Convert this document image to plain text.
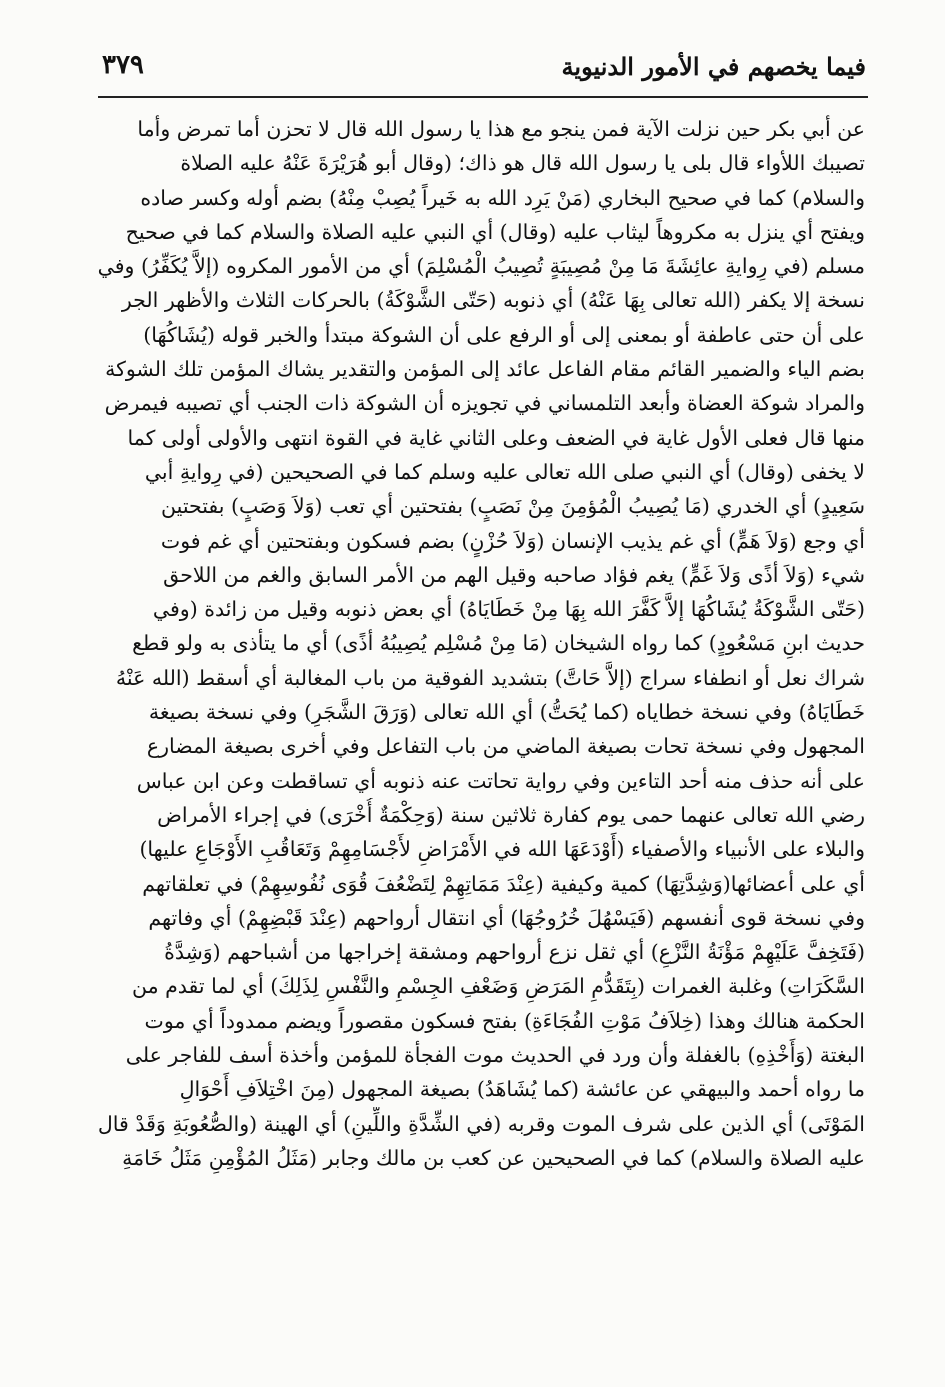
فيما يخصهم في الأمور الدنيوية
٣٧٩
عن أبي بكر حين نزلت الآية فمن ينجو مع هذا يا رسول الله قال لا تحزن أما تمرض وأما
تصيبك اللأواء قال بلى يا رسول الله قال هو ذاك؛ (وقال أبو هُرَيْرَةَ عَنْهُ عليه الصلاة
والسلام) كما في صحيح البخاري (مَنْ يَرِد الله به خَيراً يُصِبْ مِنْهُ) بضم أوله وكسر صاده
ويفتح أي ينزل به مكروهاً ليثاب عليه (وقال) أي النبي عليه الصلاة والسلام كما في صحيح
مسلم (في رِوايةِ عائِشَةَ مَا مِنْ مُصِيبَةٍ تُصِيبُ الْمُسْلِمَ) أي من الأمور المكروه (إلاَّ يُكَفِّرُ) وفي
نسخة إلا يكفر (الله تعالى بِهَا عَنْهُ) أي ذنوبه (حَتّى الشَّوْكَةُ) بالحركات الثلاث والأظهر الجر
على أن حتى عاطفة أو بمعنى إلى أو الرفع على أن الشوكة مبتدأ والخبر قوله (يُشَاكُهَا)
بضم الياء والضمير القائم مقام الفاعل عائد إلى المؤمن والتقدير يشاك المؤمن تلك الشوكة
والمراد شوكة العضاة وأبعد التلمساني في تجويزه أن الشوكة ذات الجنب أي تصيبه فيمرض
منها قال فعلى الأول غاية في الضعف وعلى الثاني غاية في القوة انتهى والأولى أولى كما
لا يخفى (وقال) أي النبي صلى الله تعالى عليه وسلم كما في الصحيحين (في رِوايةِ أبي
سَعِيدٍ) أي الخدري (مَا يُصِيبُ الْمُؤمِنَ مِنْ نَصَبٍ) بفتحتين أي تعب (وَلاَ وَصَبٍ) بفتحتين
أي وجع (وَلاَ هَمٍّ) أي غم يذيب الإنسان (وَلاَ حُزْنٍ) بضم فسكون وبفتحتين أي غم فوت
شيء (وَلاَ أذًى وَلاَ غَمٍّ) يغم فؤاد صاحبه وقيل الهم من الأمر السابق والغم من اللاحق
(حَتّى الشَّوْكَةُ يُشَاكُهَا إلاَّ كَفَّرَ الله بِهَا مِنْ خَطَايَاهُ) أي بعض ذنوبه وقيل من زائدة (وفي
حديث ابنِ مَسْعُودٍ) كما رواه الشيخان (مَا مِنْ مُسْلِم يُصِيبُهُ أذًى) أي ما يتأذى به ولو قطع
شراك نعل أو انطفاء سراج (إلاَّ حَاتَّ) بتشديد الفوقية من باب المغالبة أي أسقط (الله عَنْهُ
خَطَايَاهُ) وفي نسخة خطاياه (كما يُحَتُّ) أي الله تعالى (وَرَقَ الشَّجَرِ) وفي نسخة بصيغة
المجهول وفي نسخة تحات بصيغة الماضي من باب التفاعل وفي أخرى بصيغة المضارع
على أنه حذف منه أحد التاءين وفي رواية تحاتت عنه ذنوبه أي تساقطت وعن ابن عباس
رضي الله تعالى عنهما حمى يوم كفارة ثلاثين سنة (وَحِكْمَةٌ أُخْرَى) في إجراء الأمراض
والبلاء على الأنبياء والأصفياء (أَوْدَعَهَا الله في الأَمْرَاضِ لأَجْسَامِهِمْ وَتَعَاقُبِ الأَوْجَاعِ عليها)
أي على أعضائها(وَشِدَّتِهَا) كمية وكيفية (عِنْدَ مَمَاتِهِمْ لِتَضْعُفَ قُوَى نُفُوسِهِمْ) في تعلقاتهم
وفي نسخة قوى أنفسهم (فَيَسْهُلَ خُرُوجُهَا) أي انتقال أرواحهم (عِنْدَ قَبْضِهِمْ) أي وفاتهم
(فَتَخِفَّ عَلَيْهِمْ مَؤْنَةُ النَّزْعِ) أي ثقل نزع أرواحهم ومشقة إخراجها من أشباحهم (وَشِدَّةُ
السَّكَرَاتِ) وغلبة الغمرات (بِتَقَدُّمِ المَرَضِ وَضَعْفِ الجِسْمِ والنَّفْسِ لِذَلِكَ) أي لما تقدم من
الحكمة هنالك وهذا (خِلاَفُ مَوْتِ الفُجَاءَةِ) بفتح فسكون مقصوراً ويضم ممدوداً أي موت
البغتة (وَأَخْذِهِ) بالغفلة وأن ورد في الحديث موت الفجأة للمؤمن وأخذة أسف للفاجر على
ما رواه أحمد والبيهقي عن عائشة (كما يُشَاهَدُ) بصيغة المجهول (مِنَ اخْتِلاَفِ أَحْوَالِ
المَوْتَى) أي الذين على شرف الموت وقربه (في الشِّدَّةِ واللِّينِ) أي الهينة (والصُّعُوبَةِ وَقَدْ قال
عليه الصلاة والسلام) كما في الصحيحين عن كعب بن مالك وجابر (مَثَلُ المُؤْمِنِ مَثَلُ خَامَةِ
